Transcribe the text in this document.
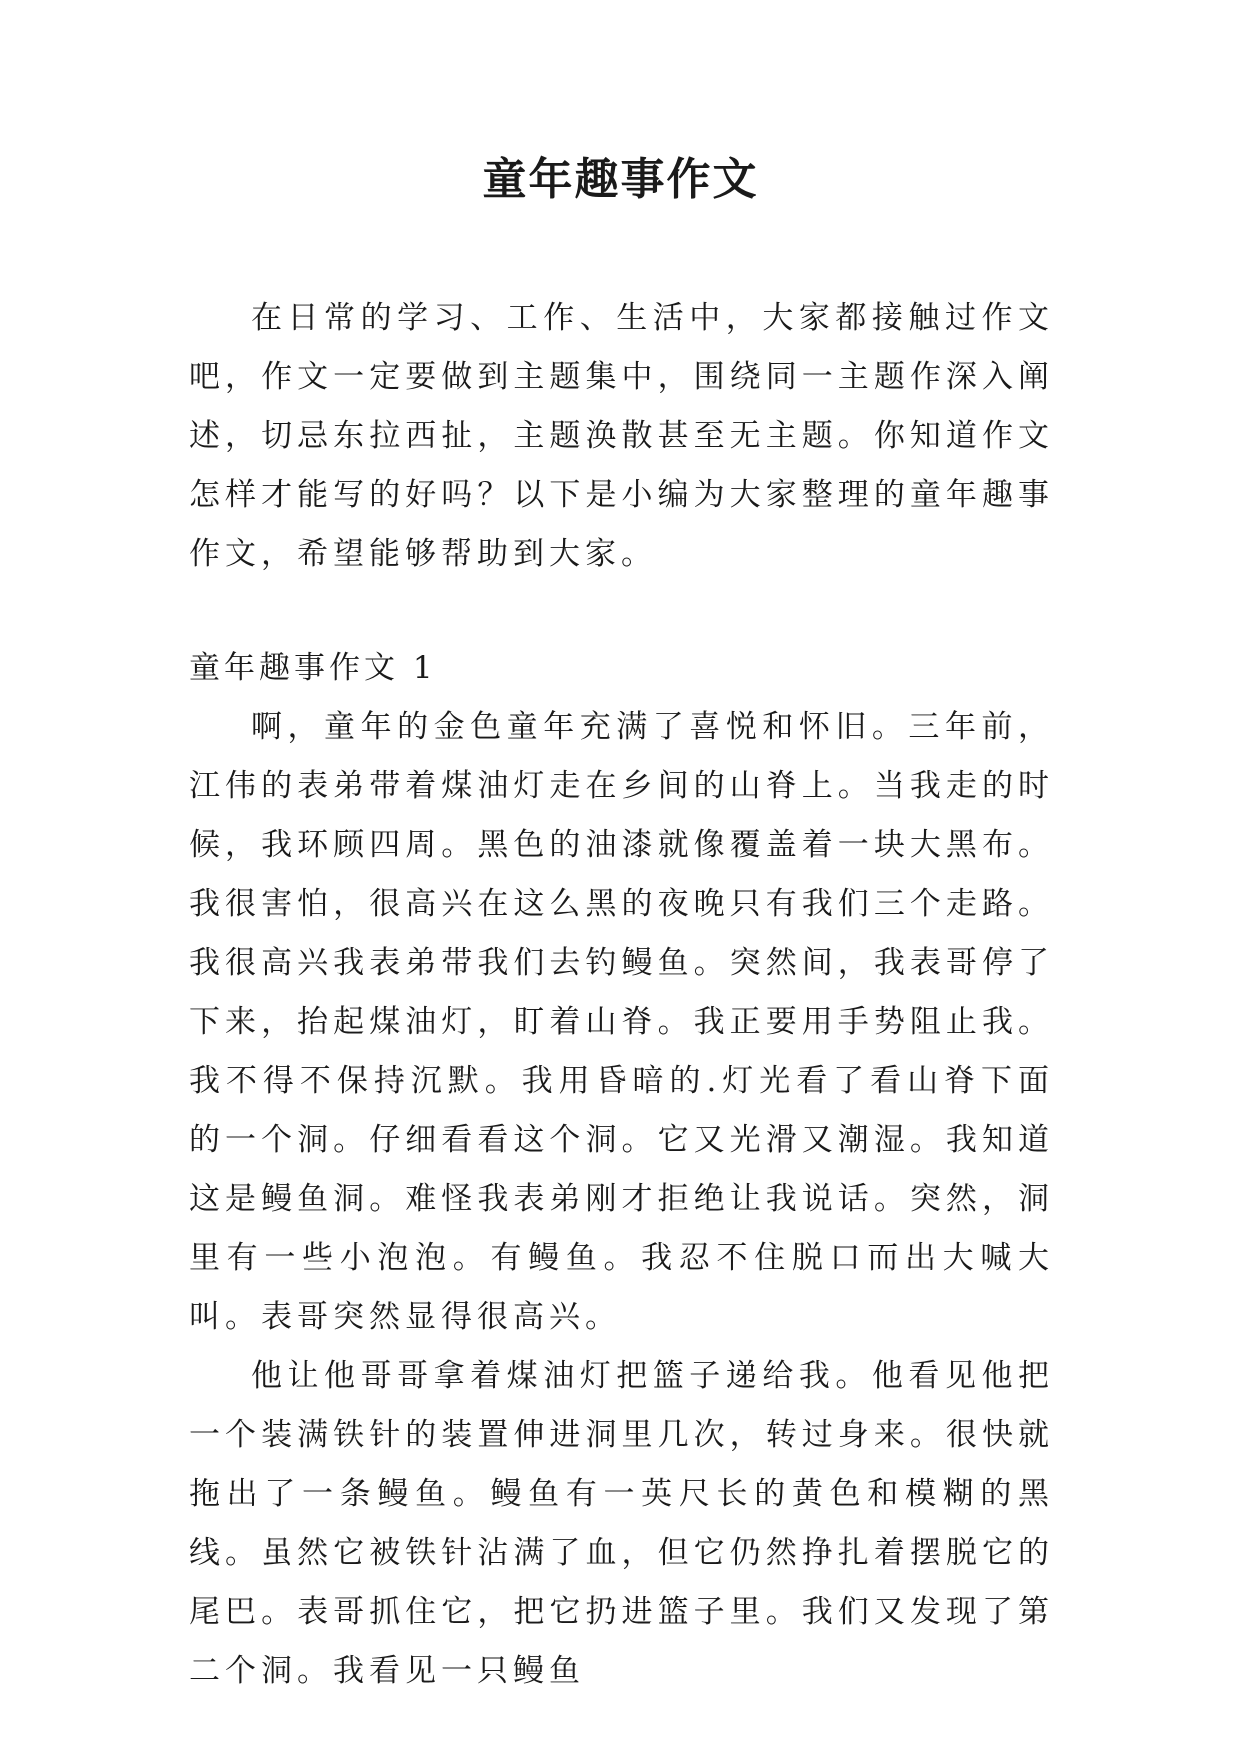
童年趣事作文

在日常的学习、工作、生活中，大家都接触过作文吧，作文一定要做到主题集中，围绕同一主题作深入阐述，切忌东拉西扯，主题涣散甚至无主题。你知道作文怎样才能写的好吗？以下是小编为大家整理的童年趣事作文，希望能够帮助到大家。

童年趣事作文 1

啊，童年的金色童年充满了喜悦和怀旧。三年前，江伟的表弟带着煤油灯走在乡间的山脊上。当我走的时候，我环顾四周。黑色的油漆就像覆盖着一块大黑布。我很害怕，很高兴在这么黑的夜晚只有我们三个走路。我很高兴我表弟带我们去钓鳗鱼。突然间，我表哥停了下来，抬起煤油灯，盯着山脊。我正要用手势阻止我。我不得不保持沉默。我用昏暗的.灯光看了看山脊下面的一个洞。仔细看看这个洞。它又光滑又潮湿。我知道这是鳗鱼洞。难怪我表弟刚才拒绝让我说话。突然，洞里有一些小泡泡。有鳗鱼。我忍不住脱口而出大喊大叫。表哥突然显得很高兴。

他让他哥哥拿着煤油灯把篮子递给我。他看见他把一个装满铁针的装置伸进洞里几次，转过身来。很快就拖出了一条鳗鱼。鳗鱼有一英尺长的黄色和模糊的黑线。虽然它被铁针沾满了血，但它仍然挣扎着摆脱它的尾巴。表哥抓住它，把它扔进篮子里。我们又发现了第二个洞。我看见一只鳗鱼
